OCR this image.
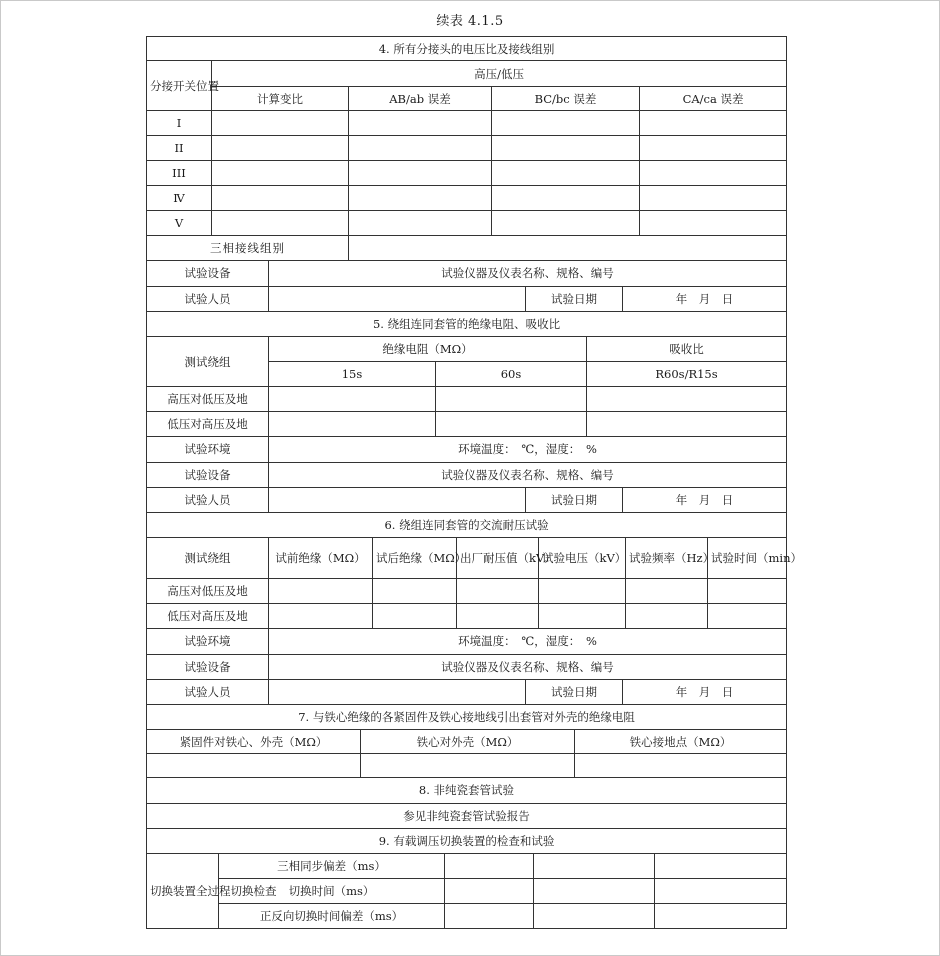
续表 4.1.5
4. 所有分接头的电压比及接线组别				
分接开关位置	高压/低压			
	计算变比	AB/ab 误差	BC/bc 误差	CA/ca 误差
I				
II				
III				
Ⅳ				
V				
三相接线组别				
试验设备	试验仪器及仪表名称、规格、编号		
试验人员		试验日期	年　月　日
5. 绕组连同套管的绝缘电阻、吸收比			
测试绕组	绝缘电阻（MΩ）		吸收比
	15s	60s	R60s/R15s
高压对低压及地			
低压对高压及地			
试验环境	环境温度：　℃，湿度：　%		
试验设备	试验仪器及仪表名称、规格、编号		
试验人员		试验日期	年　月　日
6. 绕组连同套管的交流耐压试验						
测试绕组	试前绝缘（MΩ）	试后绝缘（MΩ）	出厂耐压值（kV）	试验电压（kV）	试验频率（Hz）	试验时间（min）
高压对低压及地						
低压对高压及地						
试验环境	环境温度：　℃，湿度：　%		
试验设备	试验仪器及仪表名称、规格、编号		
试验人员		试验日期	年　月　日
7. 与铁心绝缘的各紧固件及铁心接地线引出套管对外壳的绝缘电阻		
紧固件对铁心、外壳（MΩ）	铁心对外壳（MΩ）	铁心接地点（MΩ）

8. 非纯瓷套管试验
参见非纯瓷套管试验报告
9. 有载调压切换装置的检查和试验				
切换装置全过程切换检查	三相同步偏差（ms）			
	切换时间（ms）			
	正反向切换时间偏差（ms）			
